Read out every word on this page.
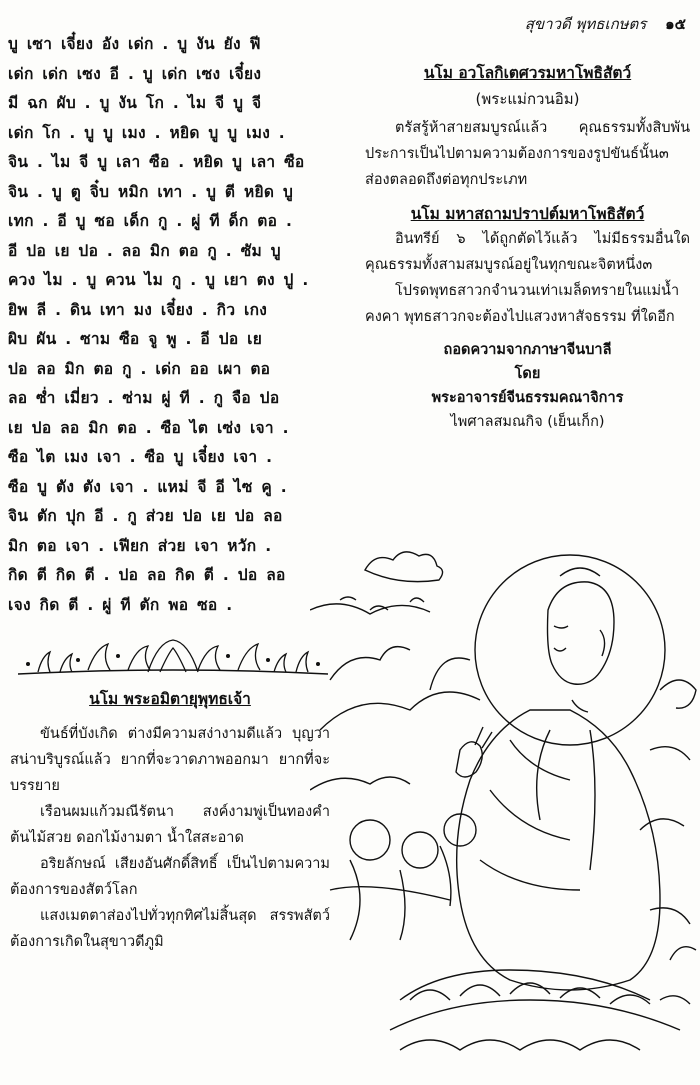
สุขาวดี พุทธเกษตร ๑๕
บู เซา เจี๋ยง อัง เด่ก . บู งัน ยัง ฟี
เด่ก เด่ก เซง อี . บู เด่ก เซง เจี๋ยง
มี ฉก ผับ . บู งัน โก . ไม จี บู จี
เด่ก โก . บู บู เมง . หยิด บู บู เมง .
จิน . ไม จี บู เลา ซือ . หยิด บู เลา ซือ
จิน . บู ตู จิ๋บ หมิก เทา . บู ตี หยิด บู
เทก . อี บู ซอ เด็ก กู . ผู่ ที ด็ก ตอ .
อี ปอ เย ปอ . ลอ มิก ตอ กู . ซัม บู
ควง ไม . บู ควน ไม กู . บู เยา ตง ปู .
ยิพ ลี . ดิน เทา มง เจี๋ยง . กิว เกง
ผิบ ผัน . ซาม ซือ จู พู . อี ปอ เย
ปอ ลอ มิก ตอ กู . เด่ก ออ เผา ตอ
ลอ ซ่ำ เมี่ยว . ซ่าม ผู่ ที . กู จือ ปอ
เย ปอ ลอ มิก ตอ . ซือ ไต เซ่ง เจา .
ซือ ไต เมง เจา . ซือ บู เจี๋ยง เจา .
ซือ บู ตัง ตัง เจา . แหม่ จี อี ไซ คู .
จิน ตัก ปุก อี . กู ส่วย ปอ เย ปอ ลอ
มิก ตอ เจา . เฟียก ส่วย เจา หวัก .
กิด ตี กิด ตี . ปอ ลอ กิด ตี . ปอ ลอ
เจง กิด ตี . ผู่ ที ตัก พอ ซอ .

นโม พระอมิตายุพุทธเจ้า

ขันธ์ที่บังเกิด ต่างมีความสง่างามดีแล้ว บุญวาสน่าบริบูรณ์แล้ว ยากที่จะวาดภาพออกมา ยากที่จะบรรยาย

เรือนผมแก้วมณีรัตนา สงค์งามพู่เป็นทองคำ ต้นไม้สวย ดอกไม้งามตา น้ำใสสะอาด

อริยลักษณ์ เสียงอันศักดิ์สิทธิ์ เป็นไปตามความต้องการของสัตว์โลก

แสงเมตตาส่องไปทั่วทุกทิศไม่สิ้นสุด สรรพสัตว์ต้องการเกิดในสุขาวดีภูมิ

นโม อวโลกิเตศวรมหาโพธิสัตว์

(พระแม่กวนอิม)

ตรัสรู้ห้าสายสมบูรณ์แล้ว คุณธรรมทั้งสิบพันประการเป็นไปตามความต้องการของรูปขันธ์นั้น๓ ส่องตลอดถึงต่อทุกประเภท

นโม มหาสถามปราปต์มหาโพธิสัตว์

อินทรีย์ ๖ ได้ถูกตัดไว้แล้ว ไม่มีธรรมอื่นใด คุณธรรมทั้งสามสมบูรณ์อยู่ในทุกขณะจิตหนึ่ง๓

โปรดพุทธสาวกจำนวนเท่าเมล็ดทรายในแม่น้ำคงคา พุทธสาวกจะต้องไปแสวงหาสัจธรรม ที่ใดอีก

ถอดความจากภาษาจีนบาลี

โดย

พระอาจารย์จีนธรรมคณาจิการ

ไพศาลสมณกิจ (เย็นเก็ก)
